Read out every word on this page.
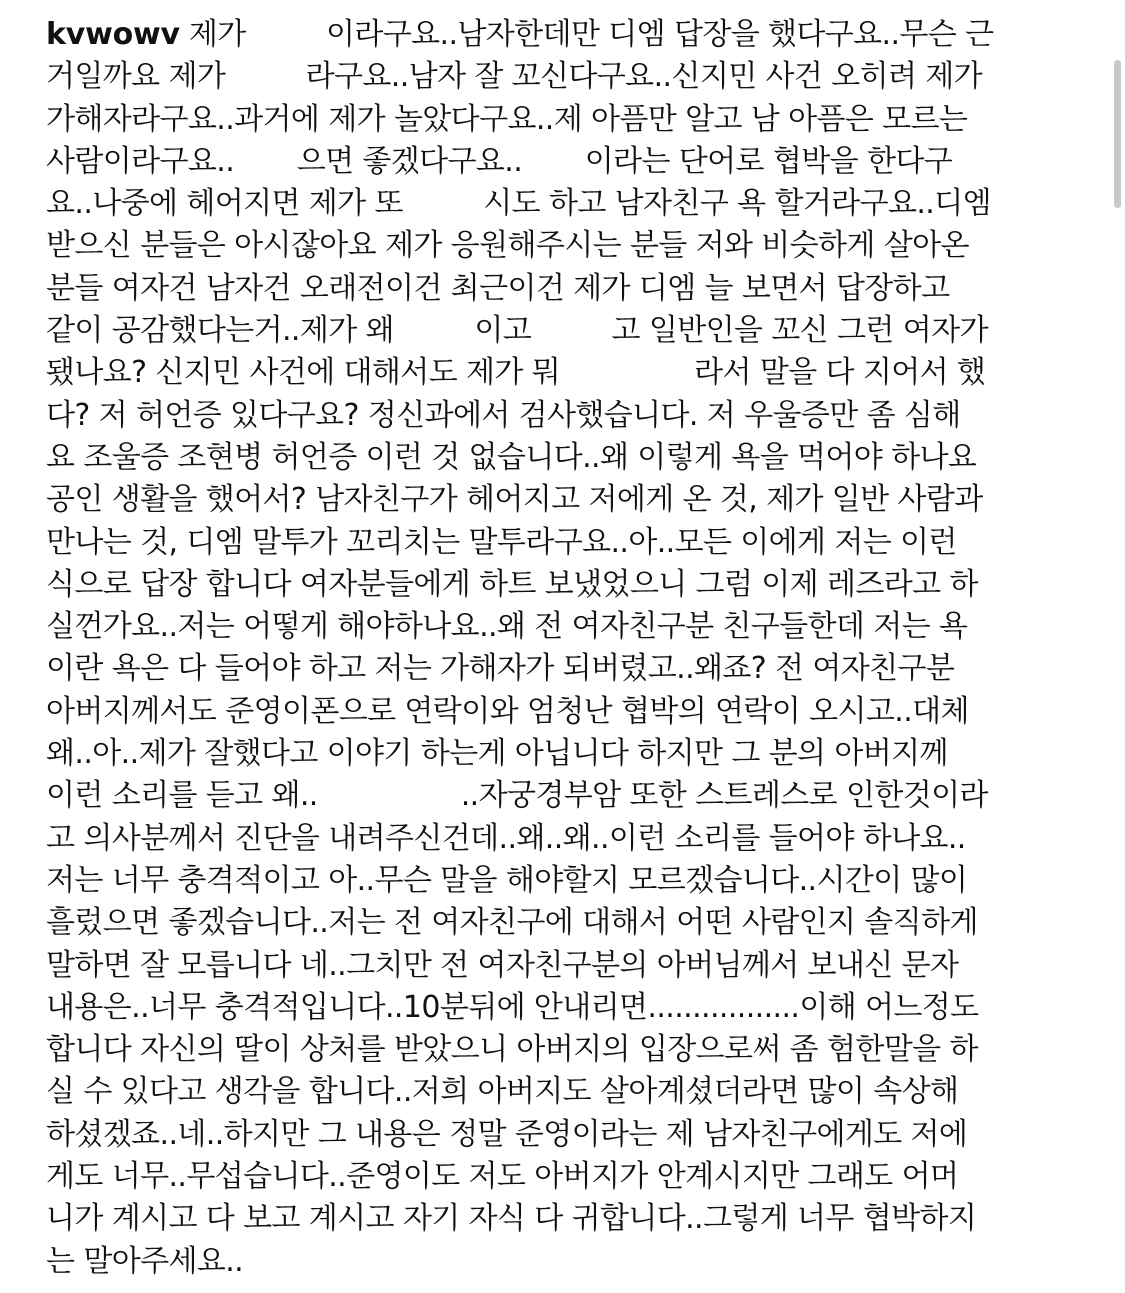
kvwowv 제가         이라구요..남자한데만 디엠 답장을 했다구요..무슨 근
거일까요 제가         라구요..남자 잘 꼬신다구요..신지민 사건 오히려 제가
가해자라구요..과거에 제가 놀았다구요..제 아픔만 알고 남 아픔은 모르는
사람이라구요..       으면 좋겠다구요..       이라는 단어로 협박을 한다구
요..나중에 헤어지면 제가 또         시도 하고 남자친구 욕 할거라구요..디엠
받으신 분들은 아시잖아요 제가 응원해주시는 분들 저와 비슷하게 살아온
분들 여자건 남자건 오래전이건 최근이건 제가 디엠 늘 보면서 답장하고
같이 공감했다는거..제가 왜         이고         고 일반인을 꼬신 그런 여자가
됐나요? 신지민 사건에 대해서도 제가 뭐               라서 말을 다 지어서 했
다? 저 허언증 있다구요? 정신과에서 검사했습니다. 저 우울증만 좀 심해
요 조울증 조현병 허언증 이런 것 없습니다..왜 이렇게 욕을 먹어야 하나요
공인 생활을 했어서? 남자친구가 헤어지고 저에게 온 것, 제가 일반 사람과
만나는 것, 디엠 말투가 꼬리치는 말투라구요..아..모든 이에게 저는 이런
식으로 답장 합니다 여자분들에게 하트 보냈었으니 그럼 이제 레즈라고 하
실껀가요..저는 어떻게 해야하나요..왜 전 여자친구분 친구들한데 저는 욕
이란 욕은 다 들어야 하고 저는 가해자가 되버렸고..왜죠? 전 여자친구분
아버지께서도 준영이폰으로 연락이와 엄청난 협박의 연락이 오시고..대체
왜..아..제가 잘했다고 이야기 하는게 아닙니다 하지만 그 분의 아버지께
이런 소리를 듣고 왜..                ..자궁경부암 또한 스트레스로 인한것이라
고 의사분께서 진단을 내려주신건데..왜..왜..이런 소리를 들어야 하나요..
저는 너무 충격적이고 아..무슨 말을 해야할지 모르겠습니다..시간이 많이
흘렀으면 좋겠습니다..저는 전 여자친구에 대해서 어떤 사람인지 솔직하게
말하면 잘 모릅니다 네..그치만 전 여자친구분의 아버님께서 보내신 문자
내용은..너무 충격적입니다..10분뒤에 안내리면.................이해 어느정도
합니다 자신의 딸이 상처를 받았으니 아버지의 입장으로써 좀 험한말을 하
실 수 있다고 생각을 합니다..저희 아버지도 살아계셨더라면 많이 속상해
하셨겠죠..네..하지만 그 내용은 정말 준영이라는 제 남자친구에게도 저에
게도 너무..무섭습니다..준영이도 저도 아버지가 안계시지만 그래도 어머
니가 계시고 다 보고 계시고 자기 자식 다 귀합니다..그렇게 너무 협박하지
는 말아주세요..
